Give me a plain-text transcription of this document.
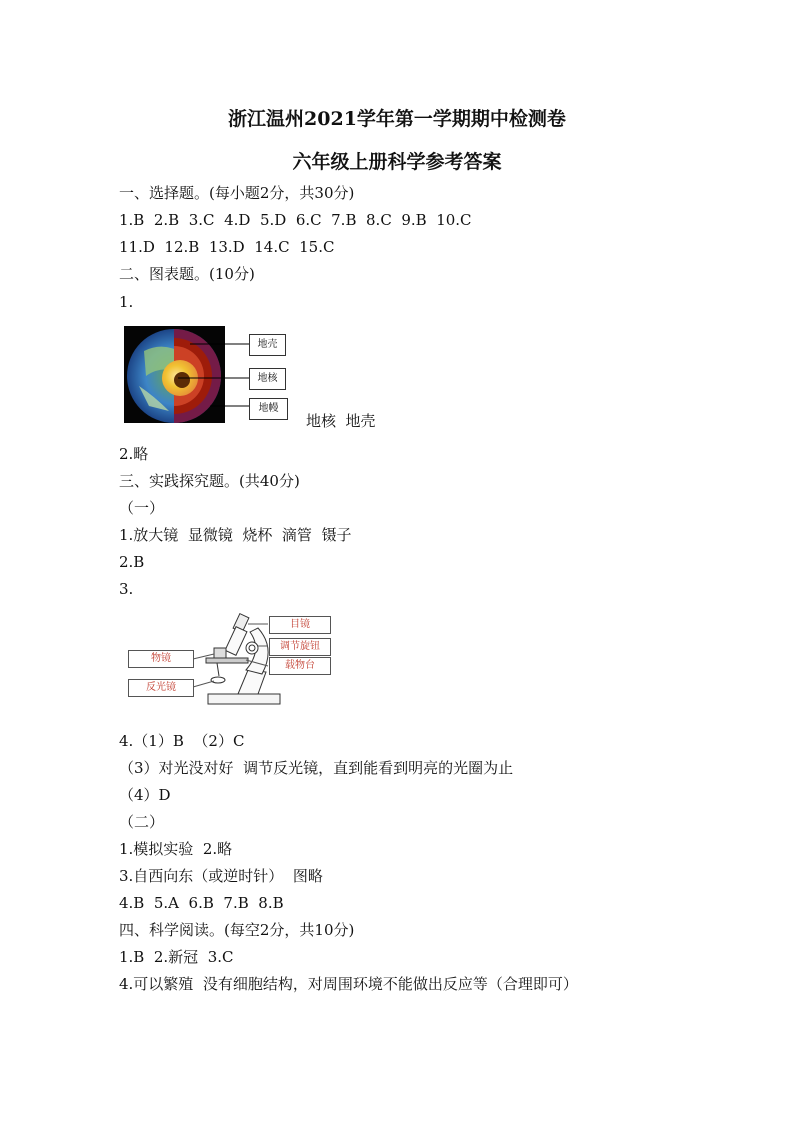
浙江温州2021学年第一学期期中检测卷
六年级上册科学参考答案
一、选择题。(每小题2分，共30分)
1.B  2.B  3.C  4.D  5.D  6.C  7.B  8.C  9.B  10.C
11.D  12.B  13.D  14.C  15.C
二、图表题。(10分)
1.
地壳
地核
地幔
地核  地壳
2.略
三、实践探究题。(共40分)
（一）
1.放大镜  显微镜  烧杯  滴管  镊子
2.B
3.
目镜
调节旋钮
载物台
物镜
反光镜
4.（1）B  （2）C
（3）对光没对好  调节反光镜，直到能看到明亮的光圈为止
（4）D
（二）
1.模拟实验  2.略
3.自西向东（或逆时针）  图略
4.B  5.A  6.B  7.B  8.B
四、科学阅读。(每空2分，共10分)
1.B  2.新冠  3.C
4.可以繁殖  没有细胞结构，对周围环境不能做出反应等（合理即可）
